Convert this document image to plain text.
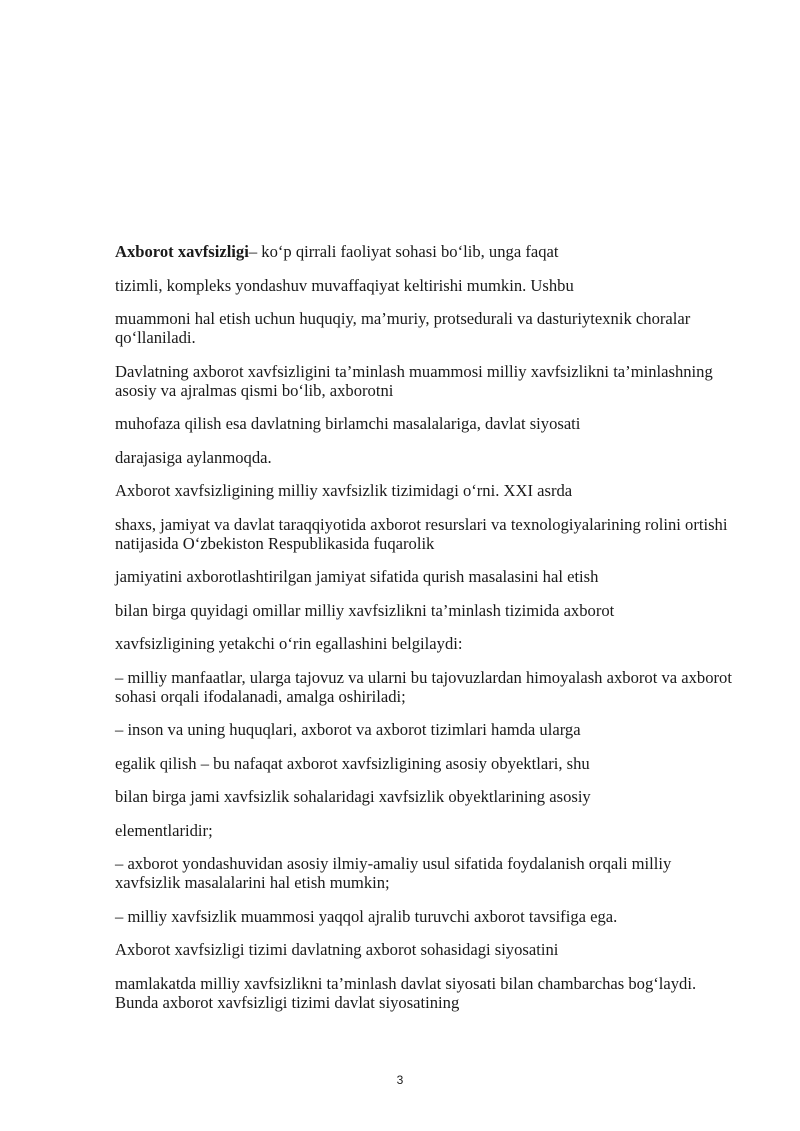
Axborot xavfsizligi– ko‘p qirrali faoliyat sohasi bo‘lib, unga faqat

tizimli, kompleks yondashuv muvaffaqiyat keltirishi mumkin. Ushbu

muammoni hal etish uchun huquqiy, ma’muriy, protsedurali va dasturiytexnik choralar qo‘llaniladi.

Davlatning axborot xavfsizligini ta’minlash muammosi milliy xavfsizlikni ta’minlashning asosiy va ajralmas qismi bo‘lib, axborotni

muhofaza qilish esa davlatning birlamchi masalalariga, davlat siyosati

darajasiga aylanmoqda.

Axborot xavfsizligining milliy xavfsizlik tizimidagi o‘rni. XXI asrda

shaxs, jamiyat va davlat taraqqiyotida axborot resurslari va texnologiyalarining rolini ortishi natijasida O‘zbekiston Respublikasida fuqarolik

jamiyatini axborotlashtirilgan jamiyat sifatida qurish masalasini hal etish

bilan birga quyidagi omillar milliy xavfsizlikni ta’minlash tizimida axborot

xavfsizligining yetakchi o‘rin egallashini belgilaydi:

– milliy manfaatlar, ularga tajovuz va ularni bu tajovuzlardan himoyalash axborot va axborot sohasi orqali ifodalanadi, amalga oshiriladi;

– inson va uning huquqlari, axborot va axborot tizimlari hamda ularga

egalik qilish – bu nafaqat axborot xavfsizligining asosiy obyektlari, shu

bilan birga jami xavfsizlik sohalaridagi xavfsizlik obyektlarining asosiy

elementlaridir;

– axborot yondashuvidan asosiy ilmiy-amaliy usul sifatida foydalanish orqali milliy xavfsizlik masalalarini hal etish mumkin;

– milliy xavfsizlik muammosi yaqqol ajralib turuvchi axborot tavsifiga ega.

Axborot xavfsizligi tizimi davlatning axborot sohasidagi siyosatini

mamlakatda milliy xavfsizlikni ta’minlash davlat siyosati bilan chambarchas bog‘laydi. Bunda axborot xavfsizligi tizimi davlat siyosatining

3
